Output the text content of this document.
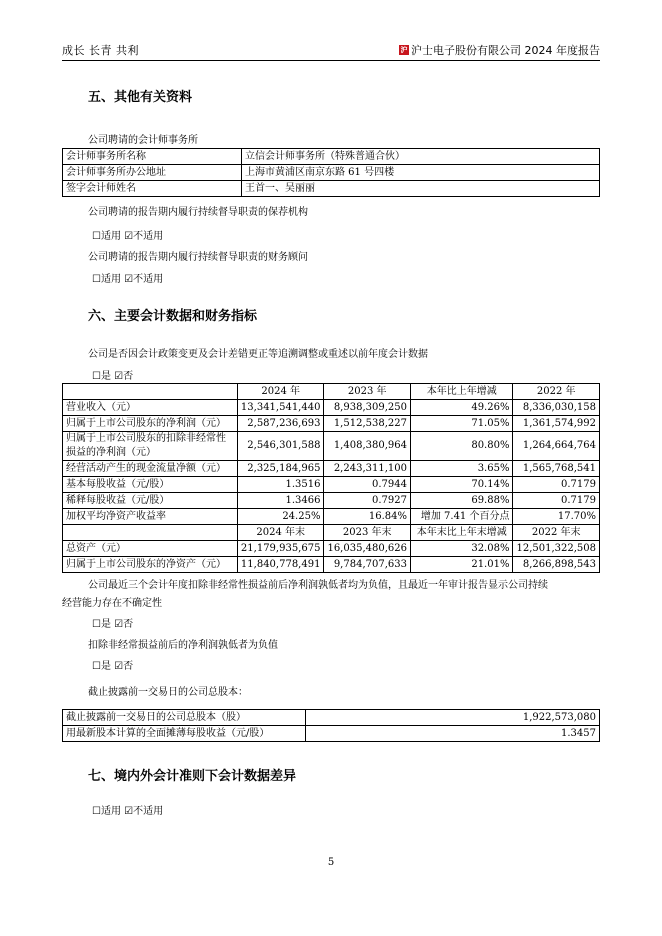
成长 长青 共利	沪 沪士电子股份有限公司 2024 年度报告
五、其他有关资料
公司聘请的会计师事务所
会计师事务所名称	立信会计师事务所（特殊普通合伙）
会计师事务所办公地址	上海市黄浦区南京东路 61 号四楼
签字会计师姓名	王首一、吴丽丽
公司聘请的报告期内履行持续督导职责的保荐机构
☐适用 ☑不适用
公司聘请的报告期内履行持续督导职责的财务顾问
☐适用 ☑不适用
六、主要会计数据和财务指标
公司是否因会计政策变更及会计差错更正等追溯调整或重述以前年度会计数据
☐是 ☑否
	2024 年	2023 年	本年比上年增减	2022 年
营业收入（元）	13,341,541,440	8,938,309,250	49.26%	8,336,030,158
归属于上市公司股东的净利润（元）	2,587,236,693	1,512,538,227	71.05%	1,361,574,992
归属于上市公司股东的扣除非经常性损益的净利润（元）	2,546,301,588	1,408,380,964	80.80%	1,264,664,764
经营活动产生的现金流量净额（元）	2,325,184,965	2,243,311,100	3.65%	1,565,768,541
基本每股收益（元/股）	1.3516	0.7944	70.14%	0.7179
稀释每股收益（元/股）	1.3466	0.7927	69.88%	0.7179
加权平均净资产收益率	24.25%	16.84%	增加 7.41 个百分点	17.70%
	2024 年末	2023 年末	本年末比上年末增减	2022 年末
总资产（元）	21,179,935,675	16,035,480,626	32.08%	12,501,322,508
归属于上市公司股东的净资产（元）	11,840,778,491	9,784,707,633	21.01%	8,266,898,543
公司最近三个会计年度扣除非经常性损益前后净利润孰低者均为负值，且最近一年审计报告显示公司持续
经营能力存在不确定性
☐是 ☑否
扣除非经常损益前后的净利润孰低者为负值
☐是 ☑否
截止披露前一交易日的公司总股本：
截止披露前一交易日的公司总股本（股）	1,922,573,080
用最新股本计算的全面摊薄每股收益（元/股）	1.3457
七、境内外会计准则下会计数据差异
☐适用 ☑不适用
5
